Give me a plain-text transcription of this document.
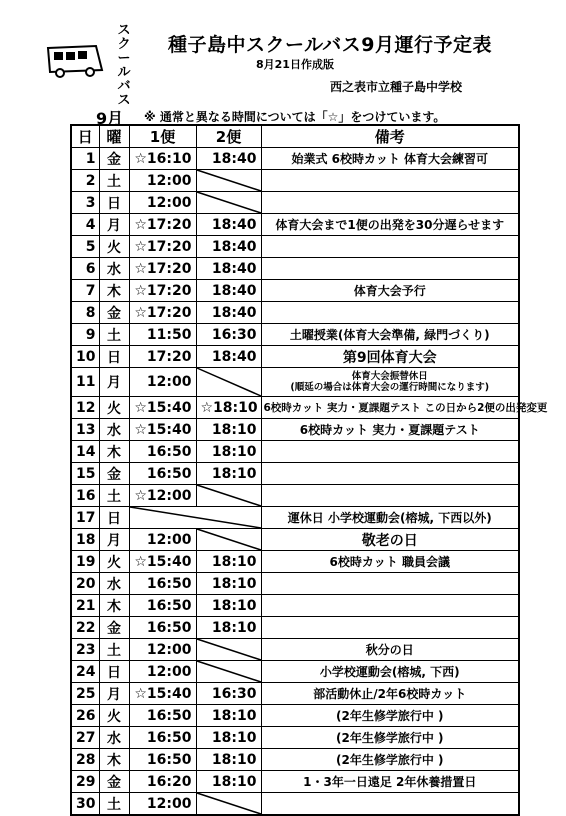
ス
ク
ー
ル
バ
ス
種子島中スクールバス9月運行予定表
8月21日作成版
西之表市立種子島中学校
9月 ※ 通常と異なる時間については「☆」をつけています。
日	曜	1便	2便	備考
1	金	☆16:10	18:40	始業式 6校時カット 体育大会練習可
2	土	12:00	

3	日	12:00	

4	月	☆17:20	18:40	体育大会まで1便の出発を30分遅らせます
5	火	☆17:20	18:40	
6	水	☆17:20	18:40	
7	木	☆17:20	18:40	体育大会予行
8	金	☆17:20	18:40	
9	土	11:50	16:30	土曜授業(体育大会準備, 緑門づくり)
10	日	17:20	18:40	第9回体育大会
11	月	12:00		体育大会振替休日
(順延の場合は体育大会の運行時間になります)

12	火	☆15:40	☆18:10	6校時カット 実力・夏課題テスト この日から2便の出発変更
13	水	☆15:40	18:10	6校時カット 実力・夏課題テスト
14	木	16:50	18:10	
15	金	16:50	18:10	
16	土	☆12:00	

17	日			運休日 小学校運動会(榕城, 下西以外)
18	月	12:00		敬老の日
19	火	☆15:40	18:10	6校時カット 職員会議
20	水	16:50	18:10	
21	木	16:50	18:10	
22	金	16:50	18:10	
23	土	12:00		秋分の日
24	日	12:00		小学校運動会(榕城, 下西)
25	月	☆15:40	16:30	部活動休止/2年6校時カット
26	火	16:50	18:10	(2年生修学旅行中 )
27	水	16:50	18:10	(2年生修学旅行中 )
28	木	16:50	18:10	(2年生修学旅行中 )
29	金	16:20	18:10	1・3年一日遠足 2年休養措置日
30	土	12:00	
